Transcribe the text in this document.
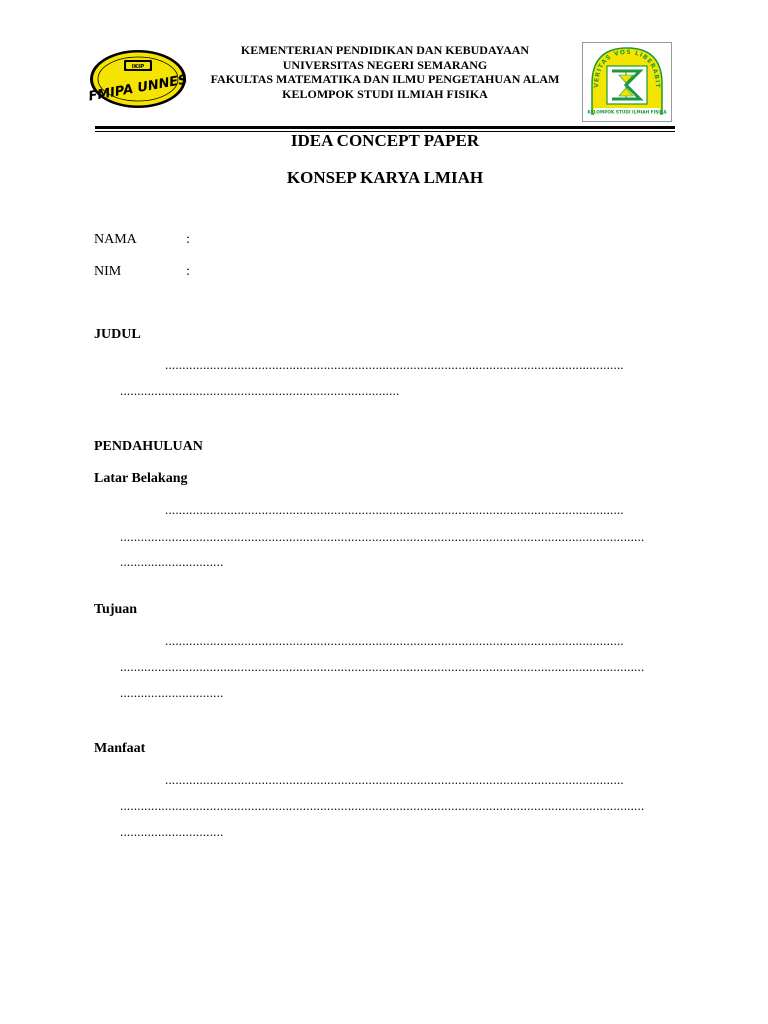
IKIP
FMIPA UNNES
KEMENTERIAN PENDIDIKAN DAN KEBUDAYAAN
UNIVERSITAS NEGERI SEMARANG
FAKULTAS MATEMATIKA DAN ILMU PENGETAHUAN ALAM
KELOMPOK STUDI ILMIAH FISIKA
VERITAS VOS LIBERABIT
KELOMPOK STUDI ILMIAH FISIKA
IDEA CONCEPT PAPER
KONSEP KARYA LMIAH
NAMA	:
NIM	:
JUDUL
.....................................................................................................................................
.................................................................................
PENDAHULUAN
Latar Belakang
.....................................................................................................................................
........................................................................................................................................................
..............................
Tujuan
.....................................................................................................................................
........................................................................................................................................................
..............................
Manfaat
.....................................................................................................................................
........................................................................................................................................................
..............................
